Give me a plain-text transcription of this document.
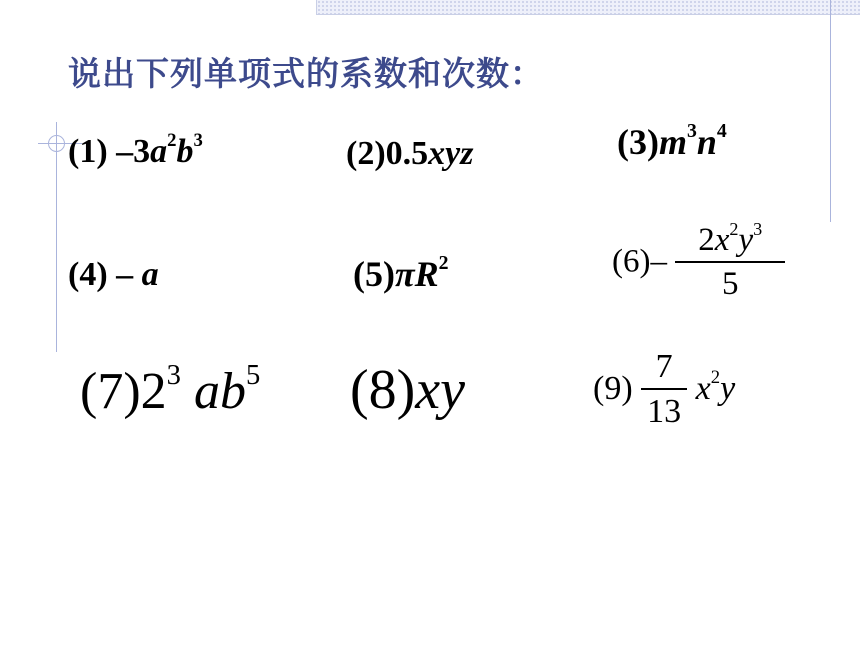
说出下列单项式的系数和次数：
(1) $-3a^2b^3$	(2)0.5xyz	$(3)m^3n^4$
(4) – a	$(5)\pi R^2$	$(6)- \frac{2x^2y^3}{5}$
$(7)2^3$ $ab^5$ (8)xy	$(9) \frac{7}{13} x^2y$
